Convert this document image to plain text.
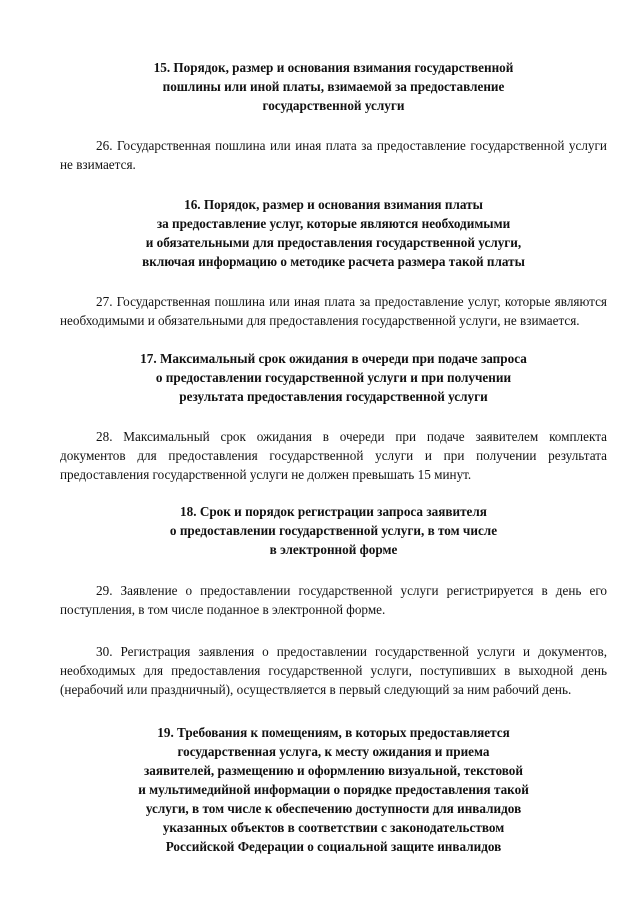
15. Порядок, размер и основания взимания государственной
пошлины или иной платы, взимаемой за предоставление
государственной услуги

26. Государственная пошлина или иная плата за предоставление государственной услуги не взимается.

16. Порядок, размер и основания взимания платы
за предоставление услуг, которые являются необходимыми
и обязательными для предоставления государственной услуги,
включая информацию о методике расчета размера такой платы

27. Государственная пошлина или иная плата за предоставление услуг, которые являются необходимыми и обязательными для предоставления государственной услуги, не взимается.

17. Максимальный срок ожидания в очереди при подаче запроса
о предоставлении государственной услуги и при получении
результата предоставления государственной услуги

28. Максимальный срок ожидания в очереди при подаче заявителем комплекта документов для предоставления государственной услуги и при получении результата предоставления государственной услуги не должен превышать 15 минут.

18. Срок и порядок регистрации запроса заявителя
о предоставлении государственной услуги, в том числе
в электронной форме

29. Заявление о предоставлении государственной услуги регистрируется в день его поступления, в том числе поданное в электронной форме.

30. Регистрация заявления о предоставлении государственной услуги и документов, необходимых для предоставления государственной услуги, поступивших в выходной день (нерабочий или праздничный), осуществляется в первый следующий за ним рабочий день.

19. Требования к помещениям, в которых предоставляется
государственная услуга, к месту ожидания и приема
заявителей, размещению и оформлению визуальной, текстовой
и мультимедийной информации о порядке предоставления такой
услуги, в том числе к обеспечению доступности для инвалидов
указанных объектов в соответствии с законодательством
Российской Федерации о социальной защите инвалидов
